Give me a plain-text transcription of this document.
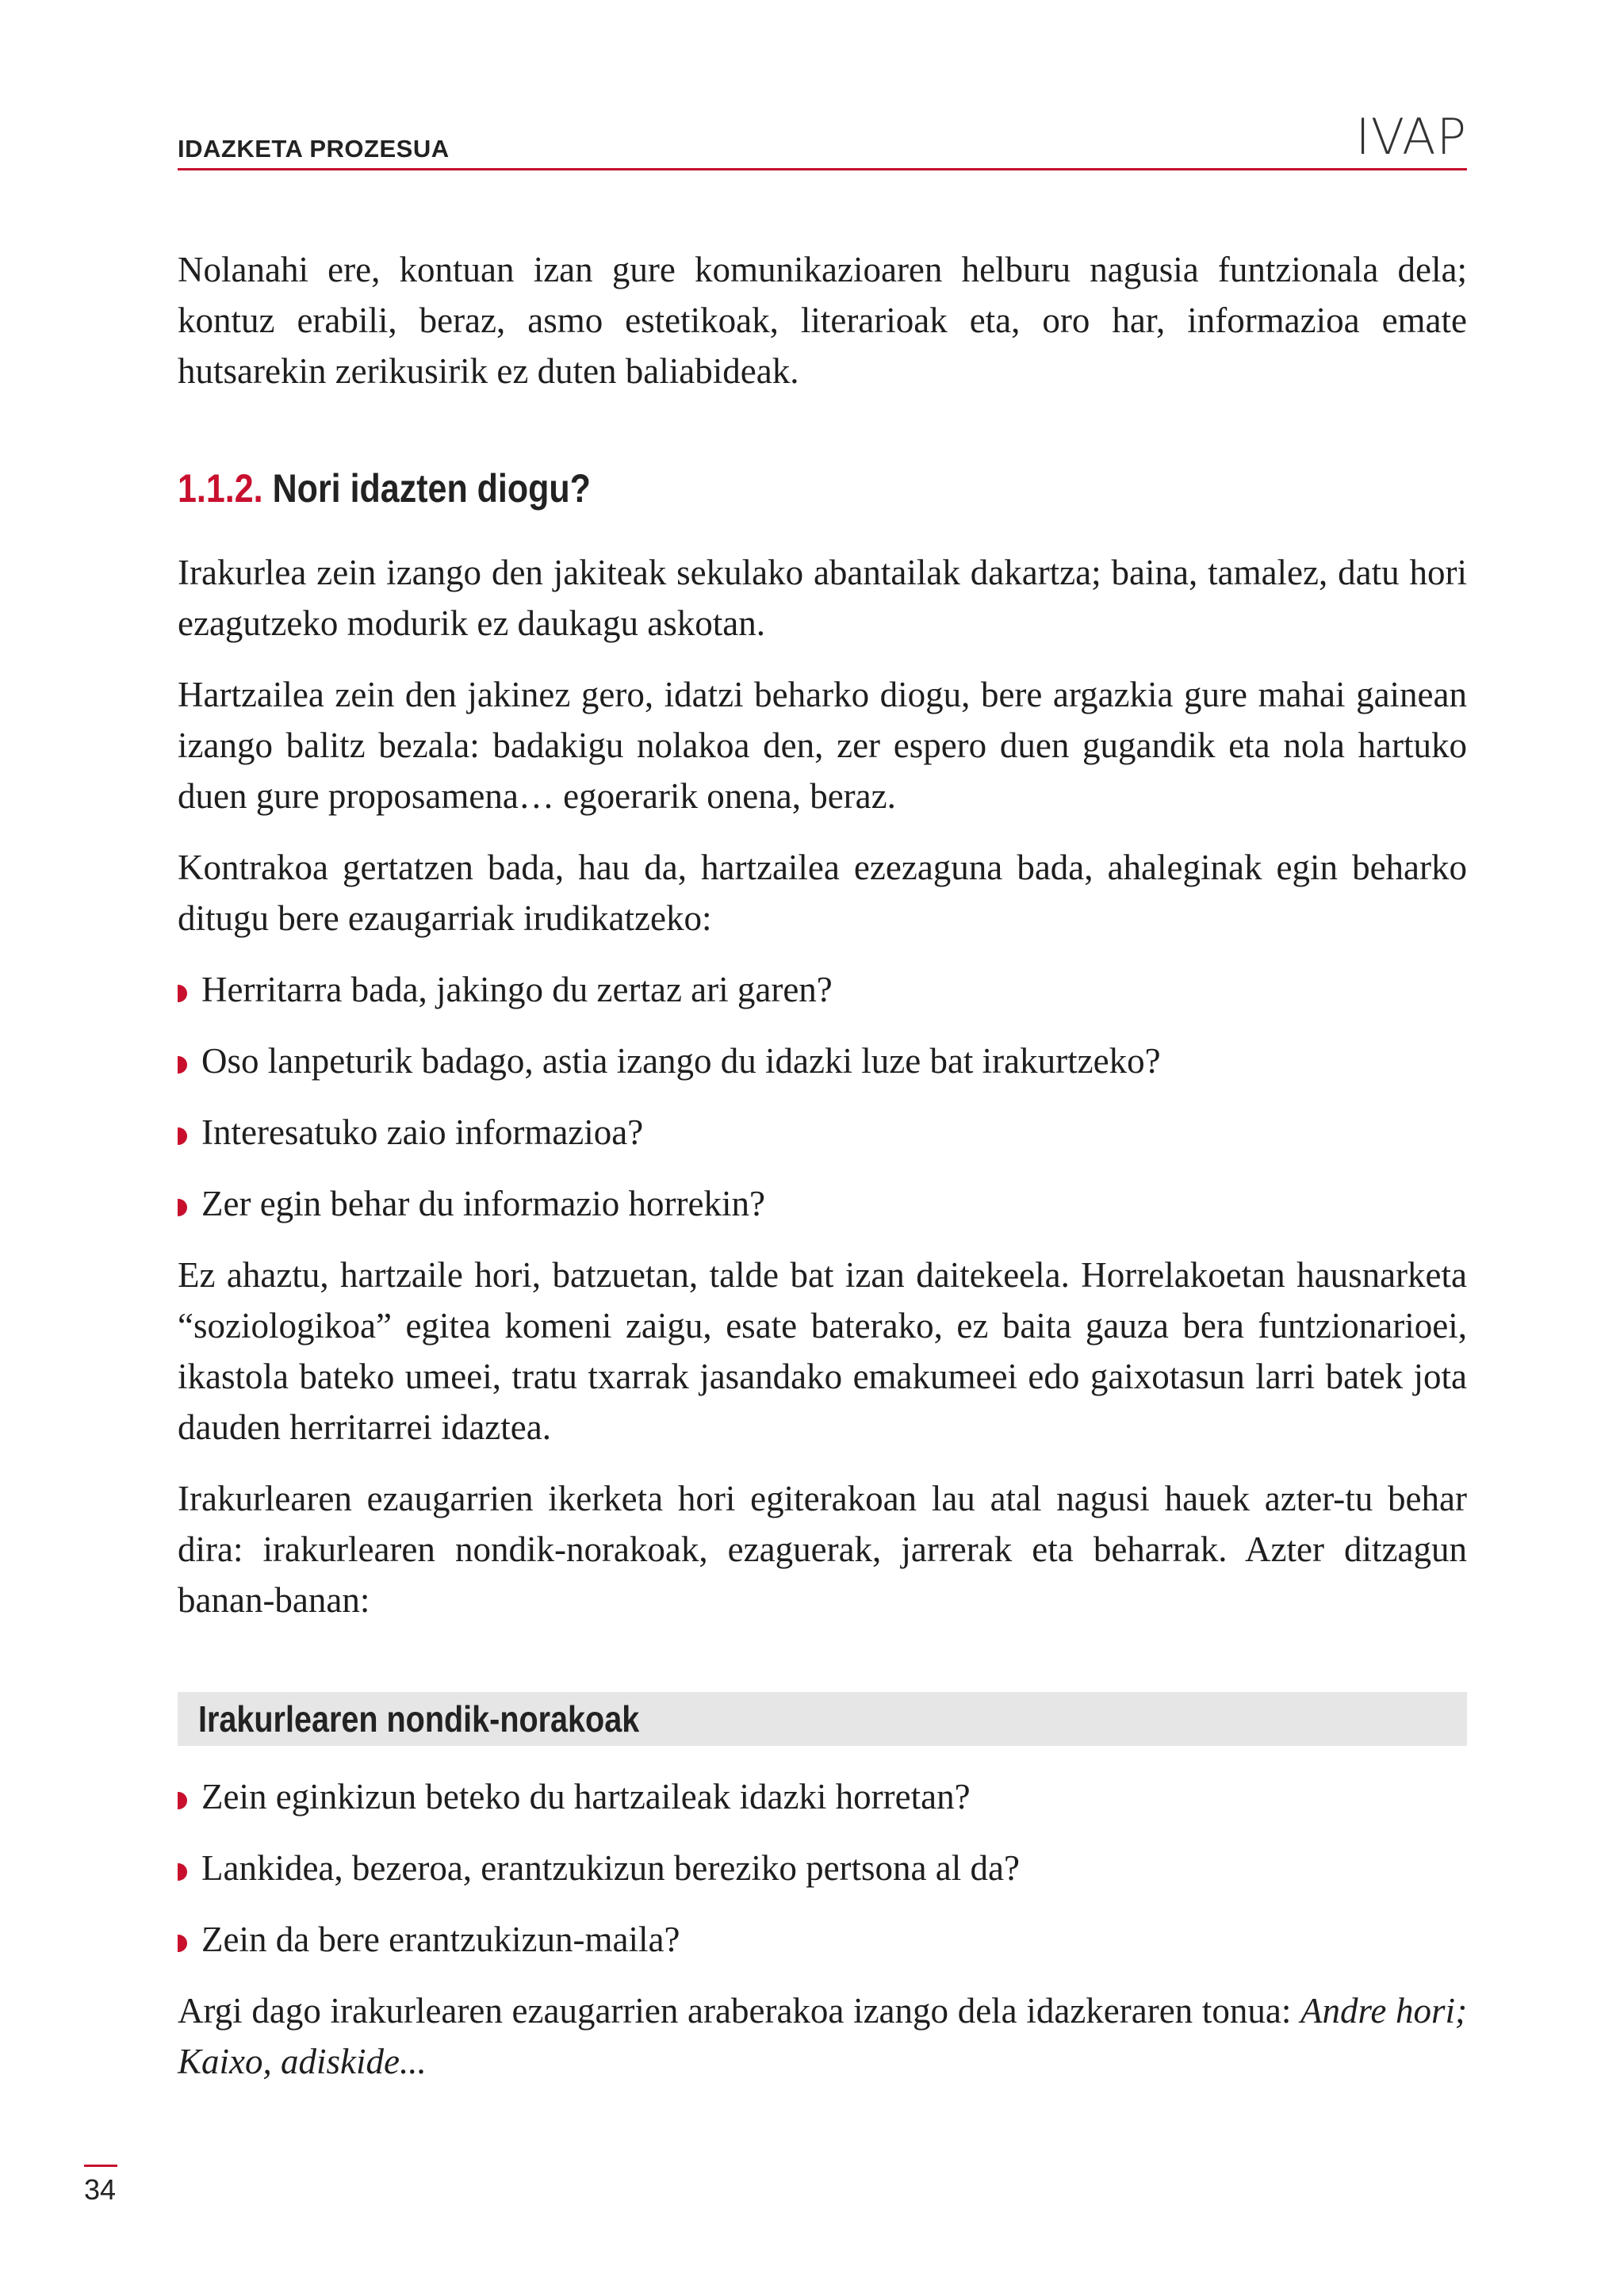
IDAZKETA PROZESUA	IVAP

Nolanahi ere, kontuan izan gure komunikazioaren helburu nagusia funtzionala dela; kontuz erabili, beraz, asmo estetikoak, literarioak eta, oro har, informazioa emate hutsarekin zerikusirik ez duten baliabideak.

1.1.2. Nori idazten diogu?

Irakurlea zein izango den jakiteak sekulako abantailak dakartza; baina, tamalez, datu hori ezagutzeko modurik ez daukagu askotan.

Hartzailea zein den jakinez gero, idatzi beharko diogu, bere argazkia gure mahai gainean izango balitz bezala: badakigu nolakoa den, zer espero duen gugandik eta nola hartuko duen gure proposamena… egoerarik onena, beraz.

Kontrakoa gertatzen bada, hau da, hartzailea ezezaguna bada, ahaleginak egin beharko ditugu bere ezaugarriak irudikatzeko:

Herritarra bada, jakingo du zertaz ari garen?
Oso lanpeturik badago, astia izango du idazki luze bat irakurtzeko?
Interesatuko zaio informazioa?
Zer egin behar du informazio horrekin?

Ez ahaztu, hartzaile hori, batzuetan, talde bat izan daitekeela. Horrelakoetan hausnarketa “soziologikoa” egitea komeni zaigu, esate baterako, ez baita gauza bera funtzionarioei, ikastola bateko umeei, tratu txarrak jasandako emakumeei edo gaixotasun larri batek jota dauden herritarrei idaztea.

Irakurlearen ezaugarrien ikerketa hori egiterakoan lau atal nagusi hauek azter-tu behar dira: irakurlearen nondik-norakoak, ezaguerak, jarrerak eta beharrak. Azter ditzagun banan-banan:

Irakurlearen nondik-norakoak
Zein eginkizun beteko du hartzaileak idazki horretan?
Lankidea, bezeroa, erantzukizun bereziko pertsona al da?
Zein da bere erantzukizun-maila?

Argi dago irakurlearen ezaugarrien araberakoa izango dela idazkeraren tonua: Andre hori; Kaixo, adiskide...

34
